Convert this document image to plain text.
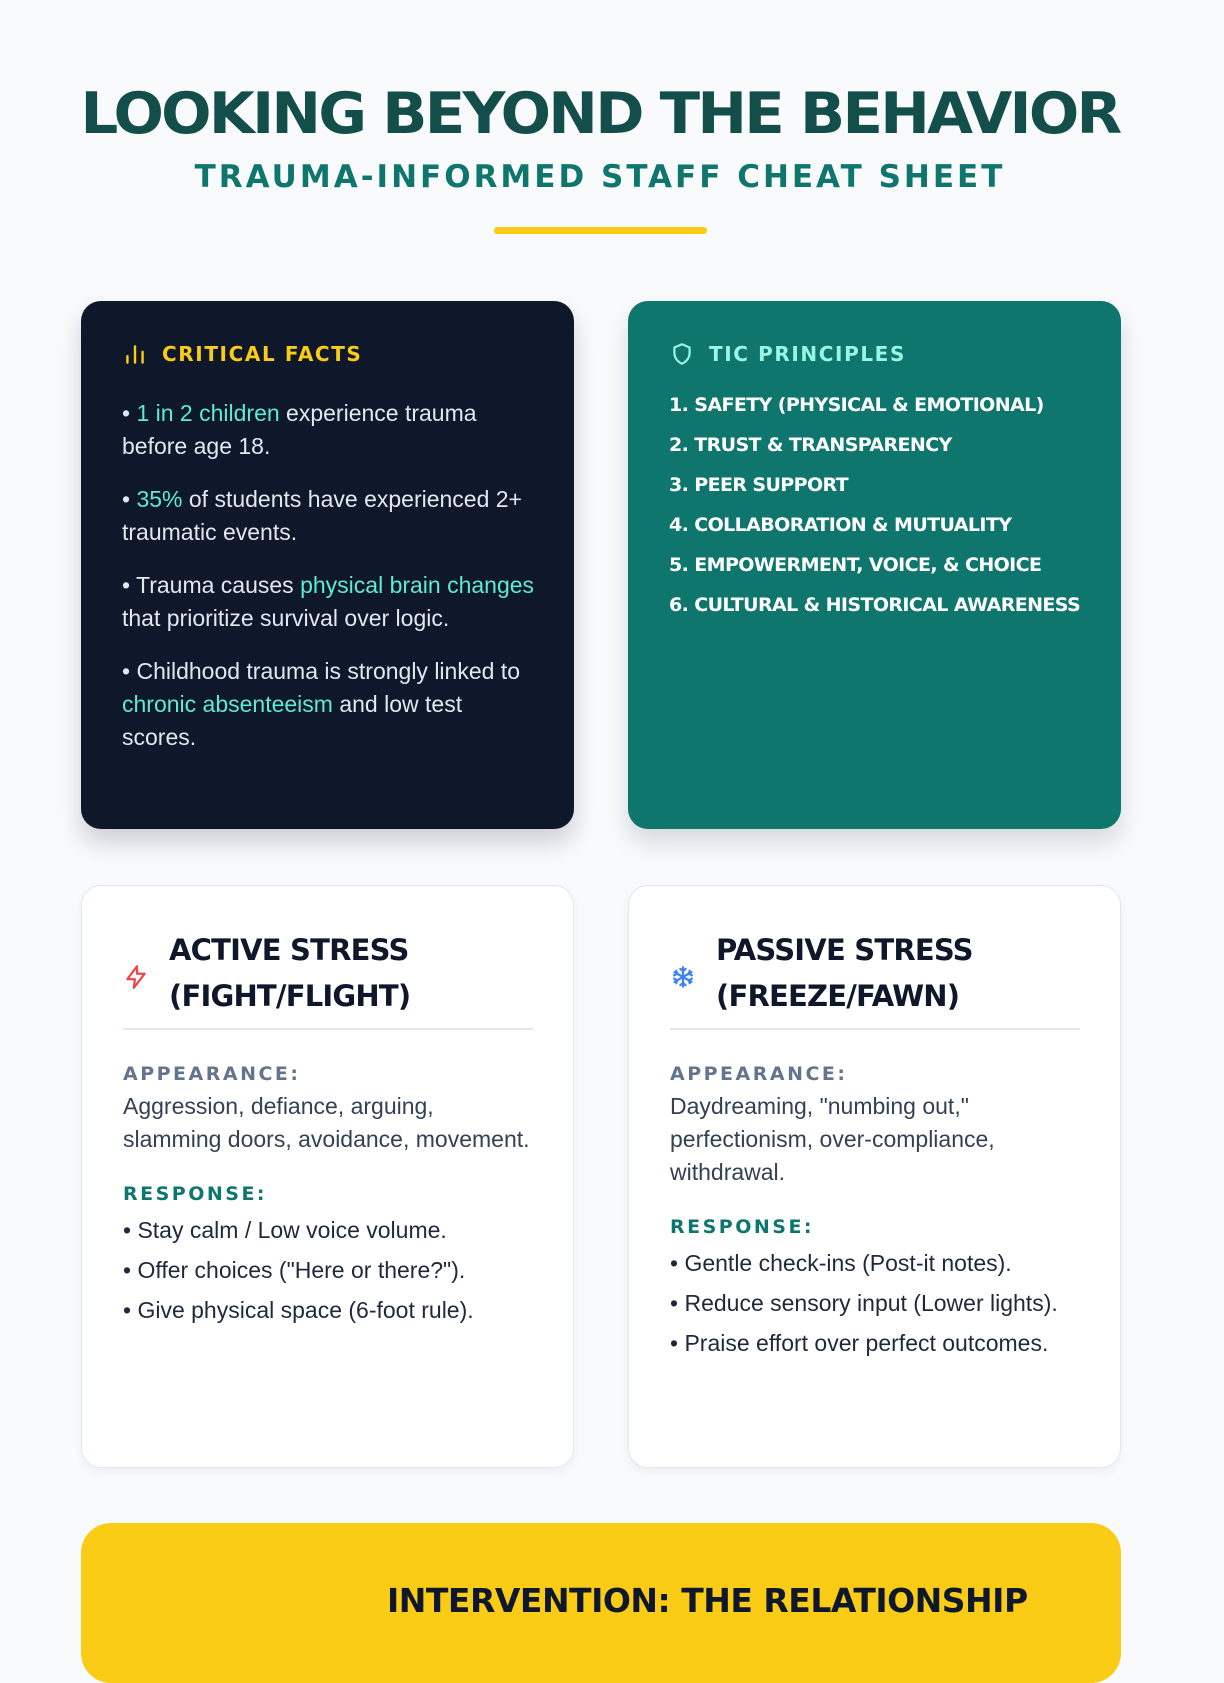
LOOKING BEYOND THE BEHAVIOR
TRAUMA-INFORMED STAFF CHEAT SHEET
CRITICAL FACTS
• 1 in 2 children experience trauma before age 18.
• 35% of students have experienced 2+ traumatic events.
• Trauma causes physical brain changes that prioritize survival over logic.
• Childhood trauma is strongly linked to chronic absenteeism and low test scores.
TIC PRINCIPLES
1. SAFETY (PHYSICAL & EMOTIONAL)
2. TRUST & TRANSPARENCY
3. PEER SUPPORT
4. COLLABORATION & MUTUALITY
5. EMPOWERMENT, VOICE, & CHOICE
6. CULTURAL & HISTORICAL AWARENESS
ACTIVE STRESS
(FIGHT/FLIGHT)
APPEARANCE:
Aggression, defiance, arguing, slamming doors, avoidance, movement.
RESPONSE:
• Stay calm / Low voice volume.
• Offer choices ("Here or there?").
• Give physical space (6-foot rule).
PASSIVE STRESS
(FREEZE/FAWN)
APPEARANCE:
Daydreaming, "numbing out," perfectionism, over-compliance, withdrawal.
RESPONSE:
• Gentle check-ins (Post-it notes).
• Reduce sensory input (Lower lights).
• Praise effort over perfect outcomes.
INTERVENTION: THE RELATIONSHIP
